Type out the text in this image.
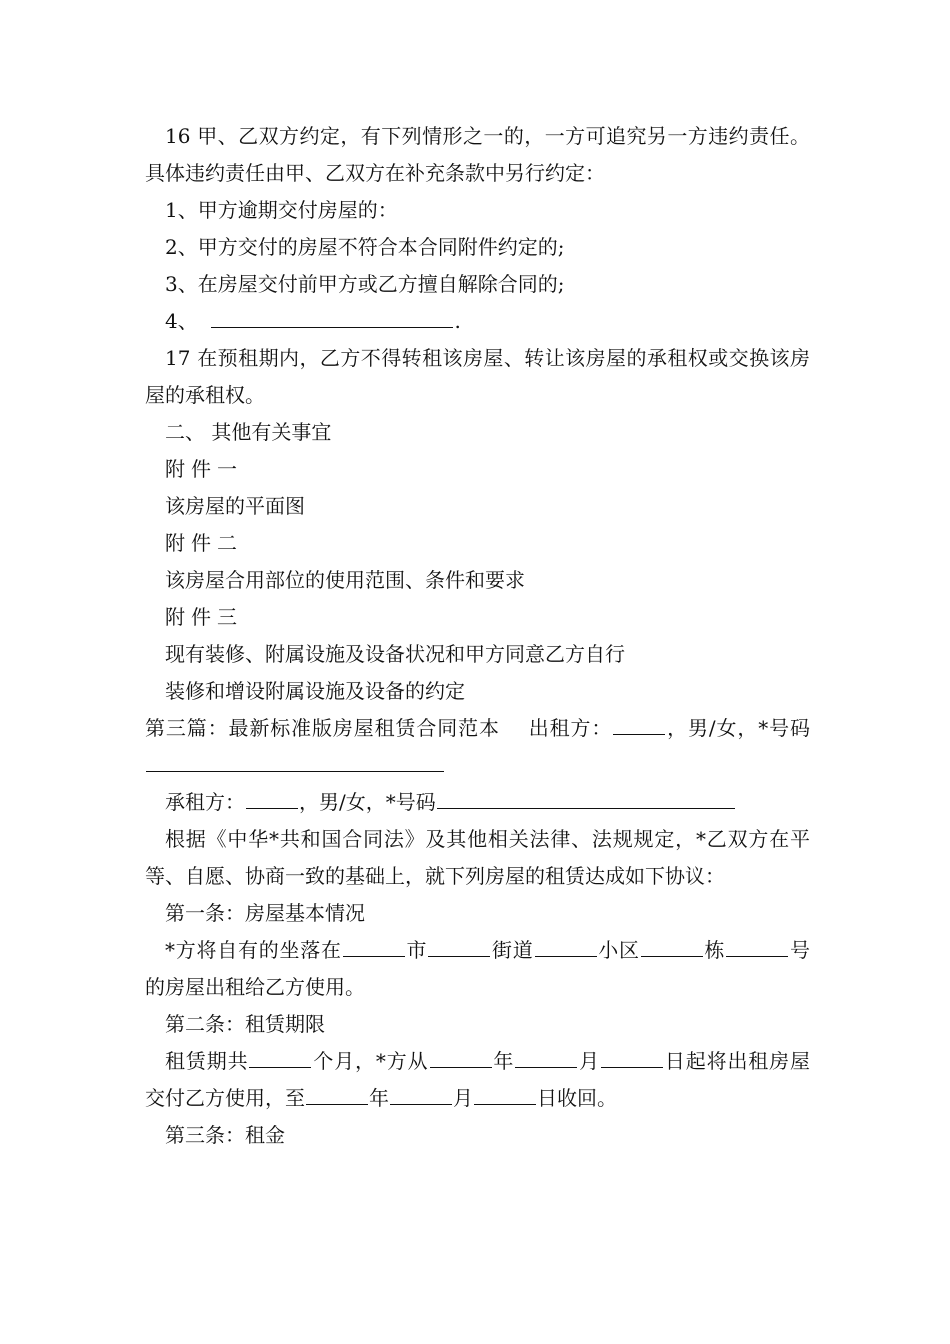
16 甲、乙双方约定，有下列情形之一的，一方可追究另一方违约责任。具体违约责任由甲、乙双方在补充条款中另行约定：

1、甲方逾期交付房屋的：

2、甲方交付的房屋不符合本合同附件约定的;

3、在房屋交付前甲方或乙方擅自解除合同的;

4、	.

17 在预租期内，乙方不得转租该房屋、转让该房屋的承租权或交换该房屋的承租权。

二、 其他有关事宜

附件一

该房屋的平面图

附件二

该房屋合用部位的使用范围、条件和要求

附件三

现有装修、附属设施及设备状况和甲方同意乙方自行

装修和增设附属设施及设备的约定

第三篇：最新标准版房屋租赁合同范本 出租方：	，男/女，*号码

承租方：	，男/女，*号码

根据《中华*共和国合同法》及其他相关法律、法规规定，*乙双方在平等、自愿、协商一致的基础上，就下列房屋的租赁达成如下协议：

第一条：房屋基本情况

*方将自有的坐落在	市	街道	小区	栋	号的房屋出租给乙方使用。

第二条：租赁期限

租赁期共	个月，*方从	年	月	日起将出租房屋交付乙方使用，至	年	月	日收回。

第三条：租金
